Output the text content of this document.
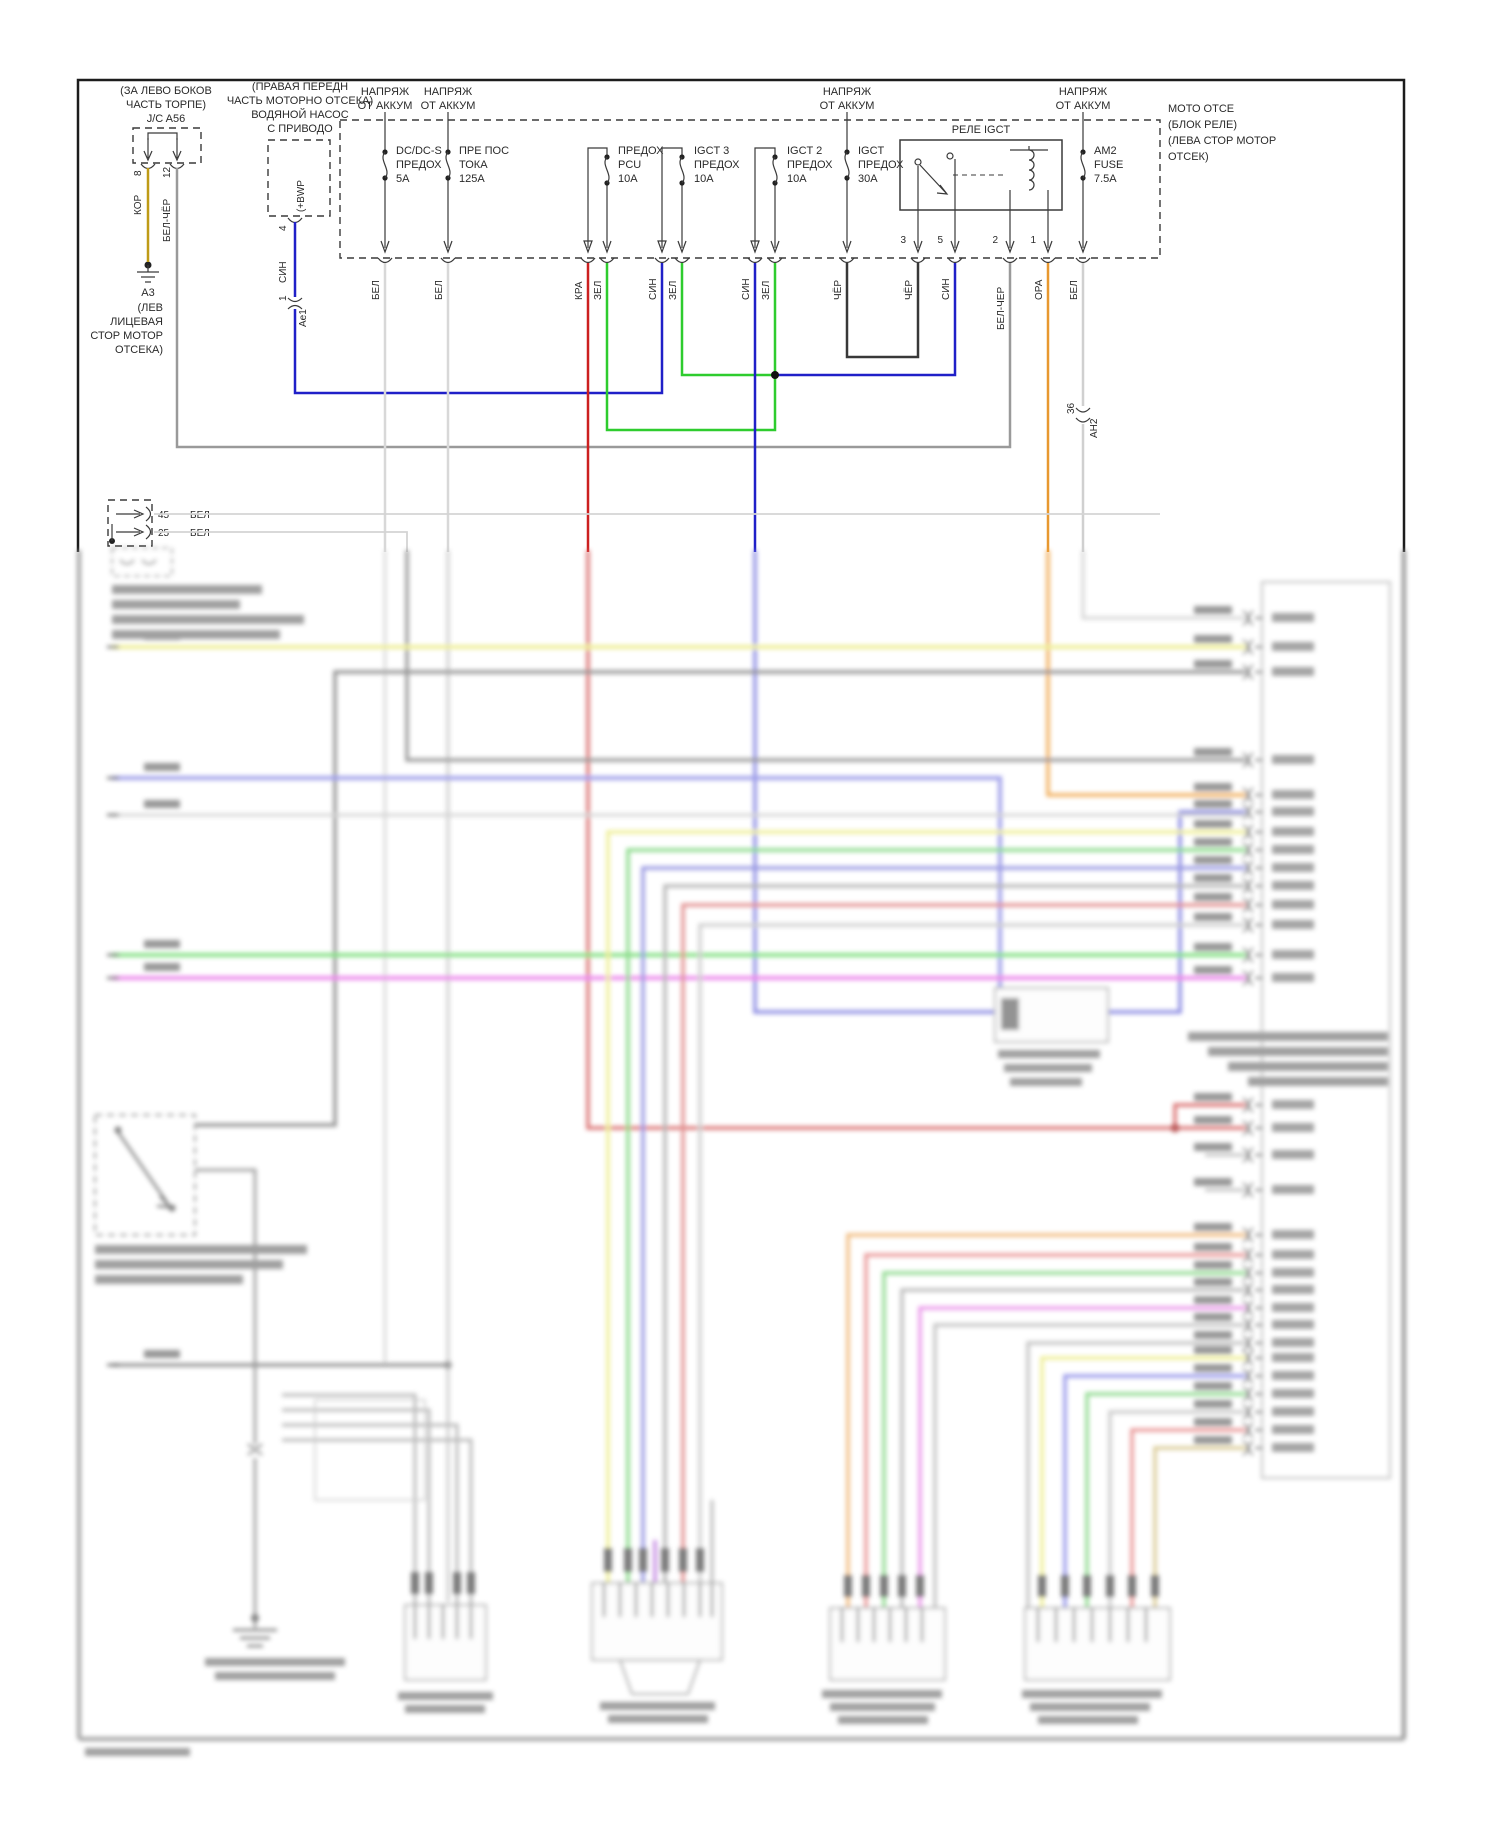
(ЗА ЛЕВО БОКОВ
ЧАСТЬ ТОРПЕ)
J/C A56
8
КОР
12
БЕЛ-ЧЁР
А3
(ЛЕВ
ЛИЦЕВАЯ
СТОР МОТОР
ОТСЕКА)
(ПРАВАЯ ПЕРЕДН
ЧАСТЬ МОТОРНО ОТСЕКА)
ВОДЯНОЙ НАСОС
С ПРИВОДО
(+BWP
4
СИН
1
Ае1
МОТО ОТСЕ
(БЛОК РЕЛЕ)
(ЛЕВА СТОР МОТОР
ОТСЕК)
НАПРЯЖ
ОТ АККУМ
НАПРЯЖ
ОТ АККУМ
НАПРЯЖ
ОТ АККУМ
НАПРЯЖ
ОТ АККУМ
DC/DC-S
ПРЕДОХ
5А
ПРЕ ПОС
ТОКА
125А
ПРЕДОХ
PCU
10А
IGCT 3
ПРЕДОХ
10А
IGCT 2
ПРЕДОХ
10А
IGCT
ПРЕДОХ
30А
РЕЛЕ IGCT
3	5	2	1
AM2
FUSE
7.5А
БЕЛ	БЕЛ	КРА ЗЕЛ	СИН ЗЕЛ	СИН ЗЕЛ	ЧЁР	ЧЁР	СИН	БЕЛ-ЧЕР	ОРА БЕЛ
36
АН2
45 БЕЛ
25 БЕЛ
